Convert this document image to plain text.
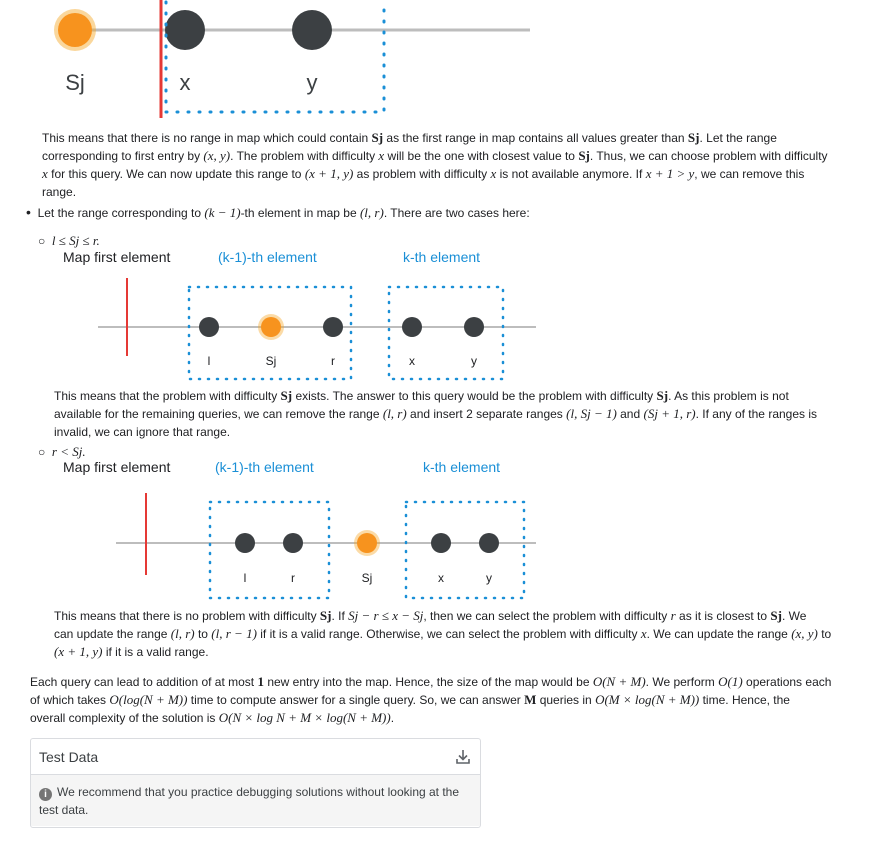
Sj	x	y
This means that there is no range in map which could contain Sj as the first range in map contains all values greater than Sj. Let the range
corresponding to first entry by (x, y). The problem with difficulty x will be the one with closest value to Sj. Thus, we can choose problem with difficulty
x for this query. We can now update this range to (x + 1, y) as problem with difficulty x is not available anymore. If x + 1 > y, we can remove this
range.
• Let the range corresponding to (k − 1)-th element in map be (l, r). There are two cases here:
○ l ≤ Sj ≤ r.
Map first element	(k-1)-th element	k-th element
l	Sj	r	x	y
This means that the problem with difficulty Sj exists. The answer to this query would be the problem with difficulty Sj. As this problem is not
available for the remaining queries, we can remove the range (l, r) and insert 2 separate ranges (l, Sj − 1) and (Sj + 1, r). If any of the ranges is
invalid, we can ignore that range.
○ r < Sj.
Map first element	(k-1)-th element	k-th element
l	r	Sj	x	y
This means that there is no problem with difficulty Sj. If Sj − r ≤ x − Sj, then we can select the problem with difficulty r as it is closest to Sj. We
can update the range (l, r) to (l, r − 1) if it is a valid range. Otherwise, we can select the problem with difficulty x. We can update the range (x, y) to
(x + 1, y) if it is a valid range.
Each query can lead to addition of at most 1 new entry into the map. Hence, the size of the map would be O(N + M). We perform O(1) operations each
of which takes O(log(N + M)) time to compute answer for a single query. So, we can answer M queries in O(M × log(N + M)) time. Hence, the
overall complexity of the solution is O(N × log N + M × log(N + M)).
Test Data
i We recommend that you practice debugging solutions without looking at the test data.
